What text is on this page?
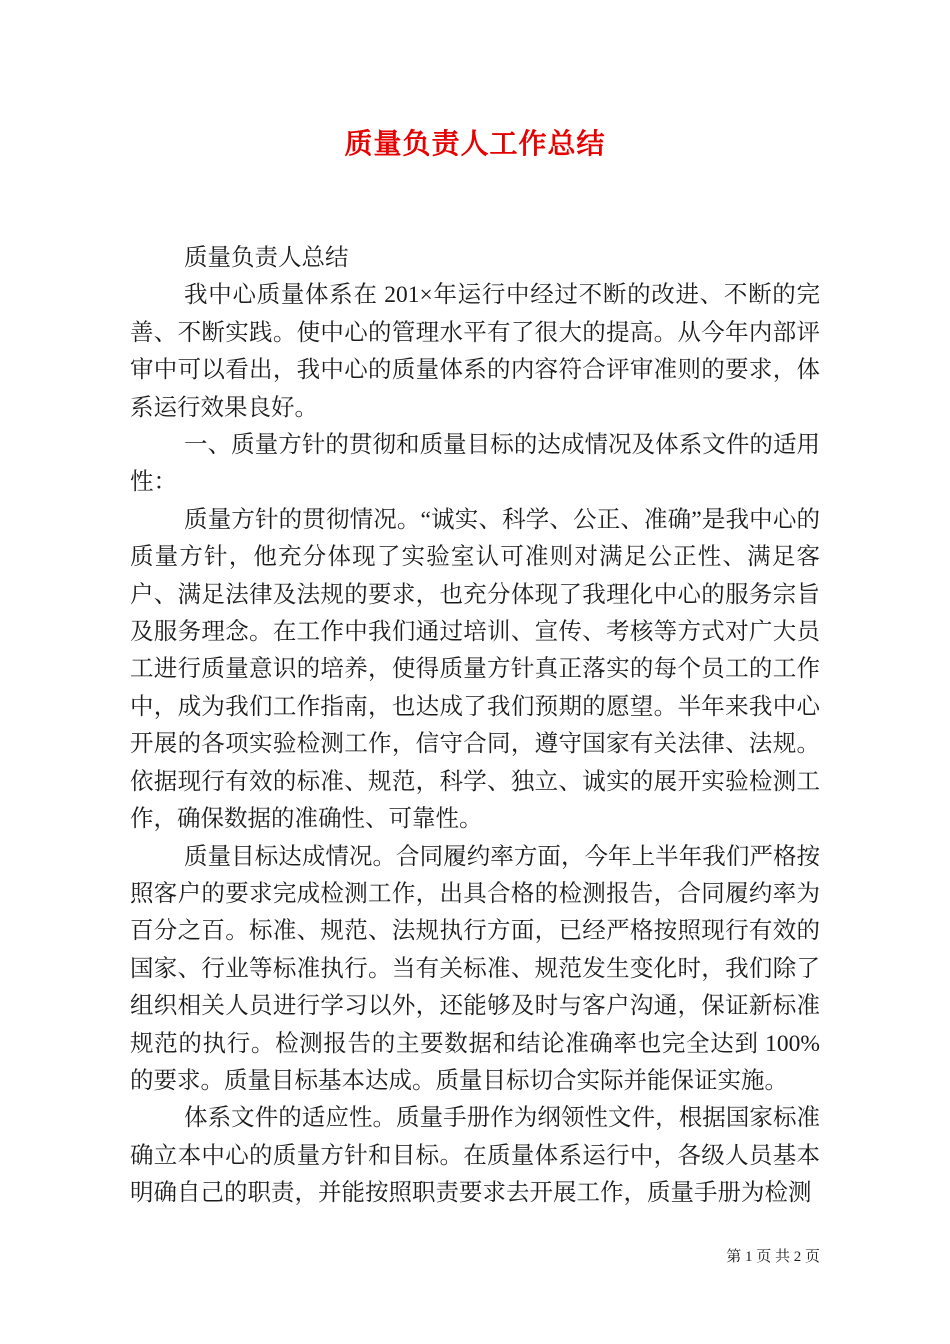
质量负责人工作总结

质量负责人总结

我中心质量体系在 201×年运行中经过不断的改进、不断的完善、不断实践。使中心的管理水平有了很大的提高。从今年内部评审中可以看出，我中心的质量体系的内容符合评审准则的要求，体系运行效果良好。

一、质量方针的贯彻和质量目标的达成情况及体系文件的适用性：

质量方针的贯彻情况。“诚实、科学、公正、准确”是我中心的质量方针，他充分体现了实验室认可准则对满足公正性、满足客户、满足法律及法规的要求，也充分体现了我理化中心的服务宗旨及服务理念。在工作中我们通过培训、宣传、考核等方式对广大员工进行质量意识的培养，使得质量方针真正落实的每个员工的工作中，成为我们工作指南，也达成了我们预期的愿望。半年来我中心开展的各项实验检测工作，信守合同，遵守国家有关法律、法规。依据现行有效的标准、规范，科学、独立、诚实的展开实验检测工作，确保数据的准确性、可靠性。

质量目标达成情况。合同履约率方面，今年上半年我们严格按照客户的要求完成检测工作，出具合格的检测报告，合同履约率为百分之百。标准、规范、法规执行方面，已经严格按照现行有效的国家、行业等标准执行。当有关标准、规范发生变化时，我们除了组织相关人员进行学习以外，还能够及时与客户沟通，保证新标准规范的执行。检测报告的主要数据和结论准确率也完全达到 100%的要求。质量目标基本达成。质量目标切合实际并能保证实施。

体系文件的适应性。质量手册作为纲领性文件，根据国家标准确立本中心的质量方针和目标。在质量体系运行中，各级人员基本明确自己的职责，并能按照职责要求去开展工作，质量手册为检测

第 1 页 共 2 页
